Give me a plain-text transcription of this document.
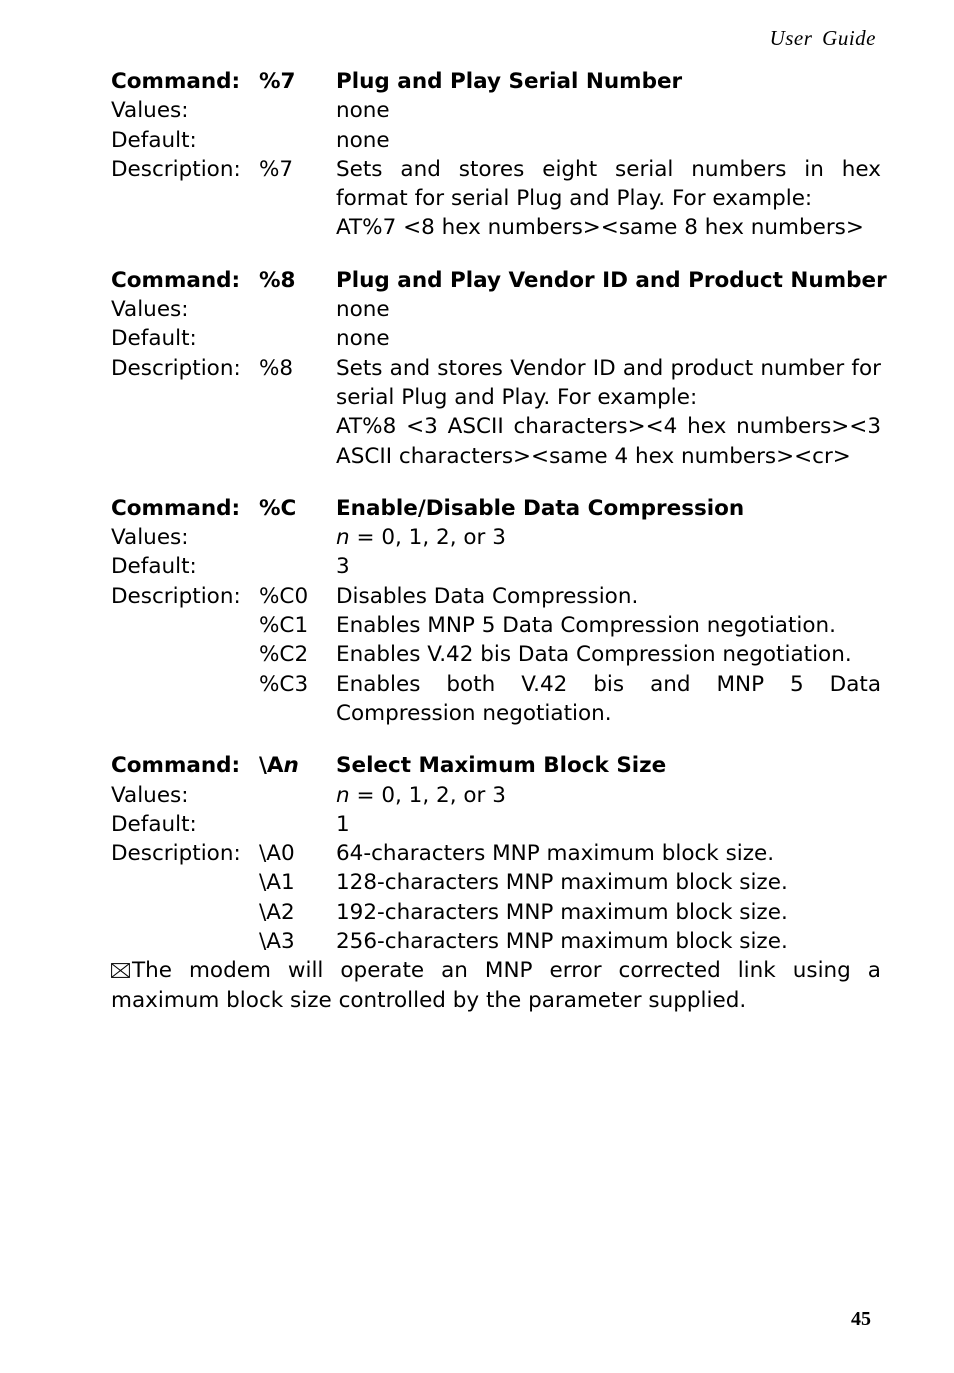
User Guide
Command: %7	Plug and Play Serial Number
Values:	none
Default:	none
Description: %7	Sets and stores eight serial numbers in hex format for serial Plug and Play. For example:
AT%7 <8 hex numbers><same 8 hex numbers>
Command: %8	Plug and Play Vendor ID and Product Number
Values:	none
Default:	none
Description: %8	Sets and stores Vendor ID and product number for serial Plug and Play. For example:
AT%8 <3 ASCII characters><4 hex numbers><3 ASCII characters><same 4 hex numbers><cr>
Command: %C	Enable/Disable Data Compression
Values:	n = 0, 1, 2, or 3
Default:	3
Description: %C0	Disables Data Compression.
%C1	Enables MNP 5 Data Compression negotiation.
%C2	Enables V.42 bis Data Compression negotiation.
%C3	Enables both V.42 bis and MNP 5 Data Compression negotiation.
Command: \An	Select Maximum Block Size
Values:	n = 0, 1, 2, or 3
Default:	1
Description: \A0	64-characters MNP maximum block size.
\A1	128-characters MNP maximum block size.
\A2	192-characters MNP maximum block size.
\A3	256-characters MNP maximum block size.
The modem will operate an MNP error corrected link using a maximum block size controlled by the parameter supplied.
45
